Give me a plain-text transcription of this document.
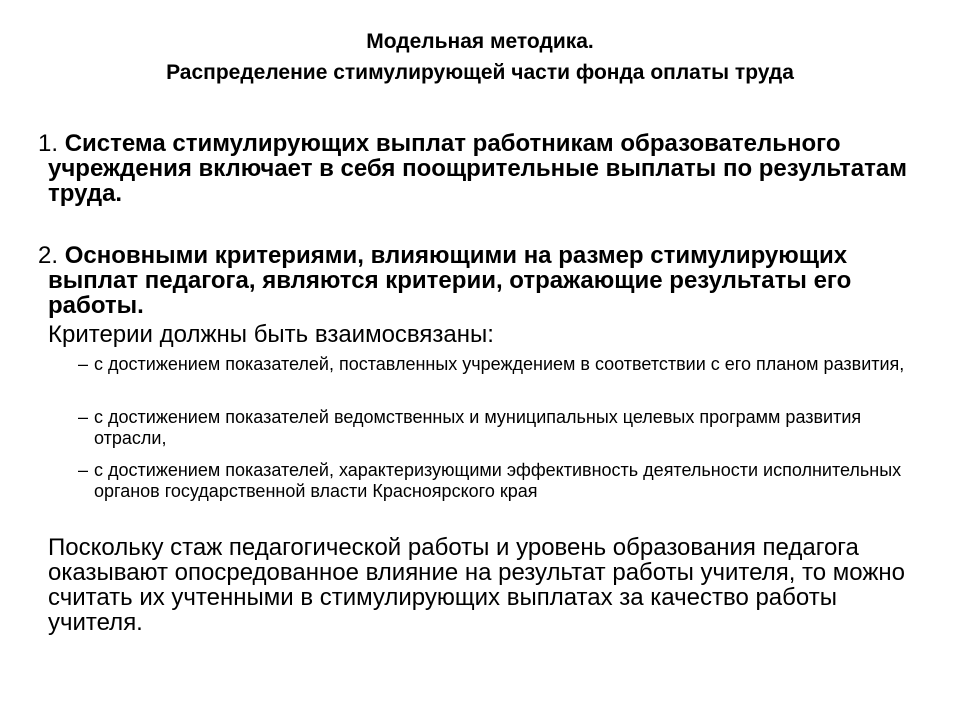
Модельная методика.
Распределение стимулирующей части фонда оплаты труда
1. Система стимулирующих выплат работникам образовательного учреждения включает в себя поощрительные выплаты по результатам труда.
2. Основными критериями, влияющими на размер стимулирующих выплат педагога, являются критерии, отражающие результаты его работы.
Критерии должны быть взаимосвязаны:
– с достижением показателей, поставленных учреждением в соответствии с его планом развития,
– с достижением показателей ведомственных и муниципальных целевых программ развития отрасли,
– с достижением показателей, характеризующими эффективность деятельности исполнительных органов государственной власти Красноярского края
Поскольку стаж педагогической работы и уровень образования педагога оказывают опосредованное влияние на результат работы учителя, то можно считать их учтенными в стимулирующих выплатах за качество работы учителя.
